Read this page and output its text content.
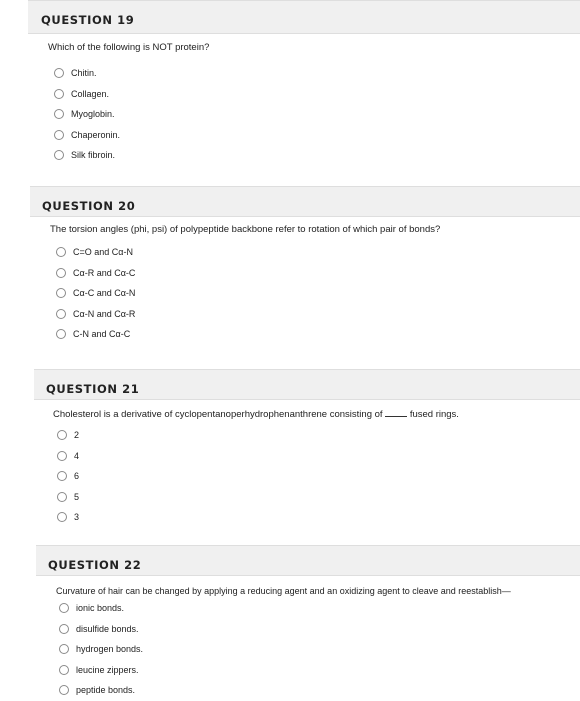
QUESTION 19

Which of the following is NOT protein?

Chitin.
Collagen.
Myoglobin.
Chaperonin.
Silk fibroin.
QUESTION 20

The torsion angles (phi, psi) of polypeptide backbone refer to rotation of which pair of bonds?

C=O and Cα-N
Cα-R and Cα-C
Cα-C and Cα-N
Cα-N and Cα-R
C-N and Cα-C
QUESTION 21

Cholesterol is a derivative of cyclopentanoperhydrophenanthrene consisting of	fused rings.

2
4
6
5
3
QUESTION 22

Curvature of hair can be changed by applying a reducing agent and an oxidizing agent to cleave and reestablish—

ionic bonds.
disulfide bonds.
hydrogen bonds.
leucine zippers.
peptide bonds.
